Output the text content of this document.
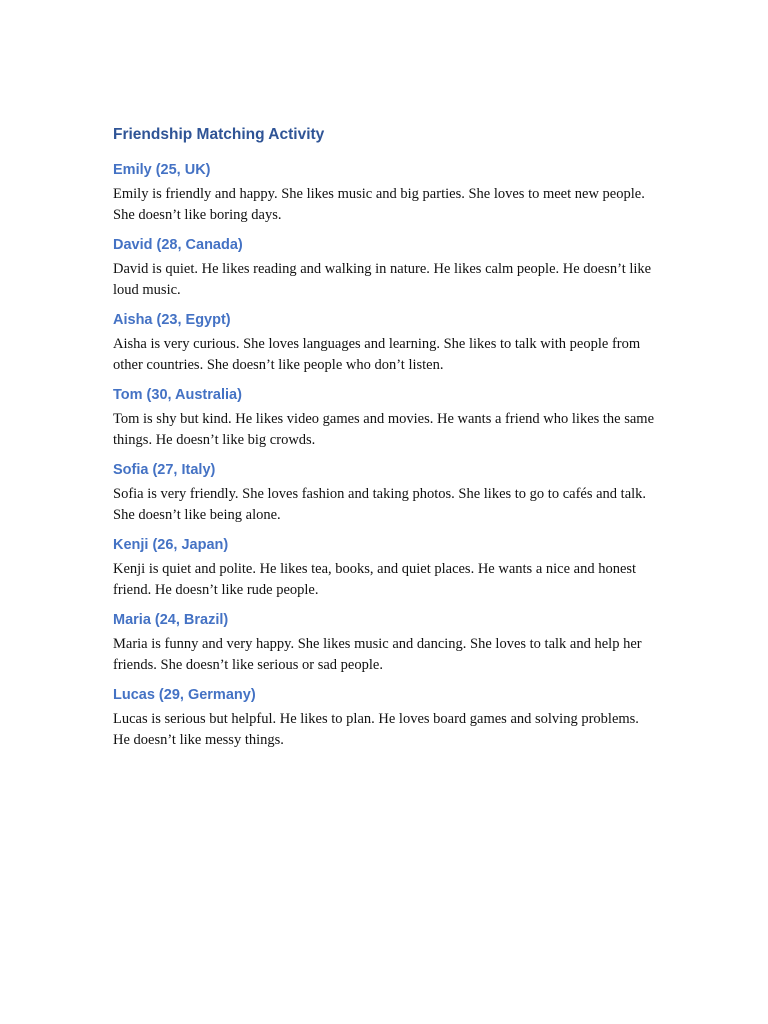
Friendship Matching Activity
Emily (25, UK)

Emily is friendly and happy. She likes music and big parties. She loves to meet new people. She doesn’t like boring days.

David (28, Canada)

David is quiet. He likes reading and walking in nature. He likes calm people. He doesn’t like loud music.

Aisha (23, Egypt)

Aisha is very curious. She loves languages and learning. She likes to talk with people from other countries. She doesn’t like people who don’t listen.

Tom (30, Australia)

Tom is shy but kind. He likes video games and movies. He wants a friend who likes the same things. He doesn’t like big crowds.

Sofia (27, Italy)

Sofia is very friendly. She loves fashion and taking photos. She likes to go to cafés and talk. She doesn’t like being alone.

Kenji (26, Japan)

Kenji is quiet and polite. He likes tea, books, and quiet places. He wants a nice and honest friend. He doesn’t like rude people.

Maria (24, Brazil)

Maria is funny and very happy. She likes music and dancing. She loves to talk and help her friends. She doesn’t like serious or sad people.

Lucas (29, Germany)

Lucas is serious but helpful. He likes to plan. He loves board games and solving problems. He doesn’t like messy things.
